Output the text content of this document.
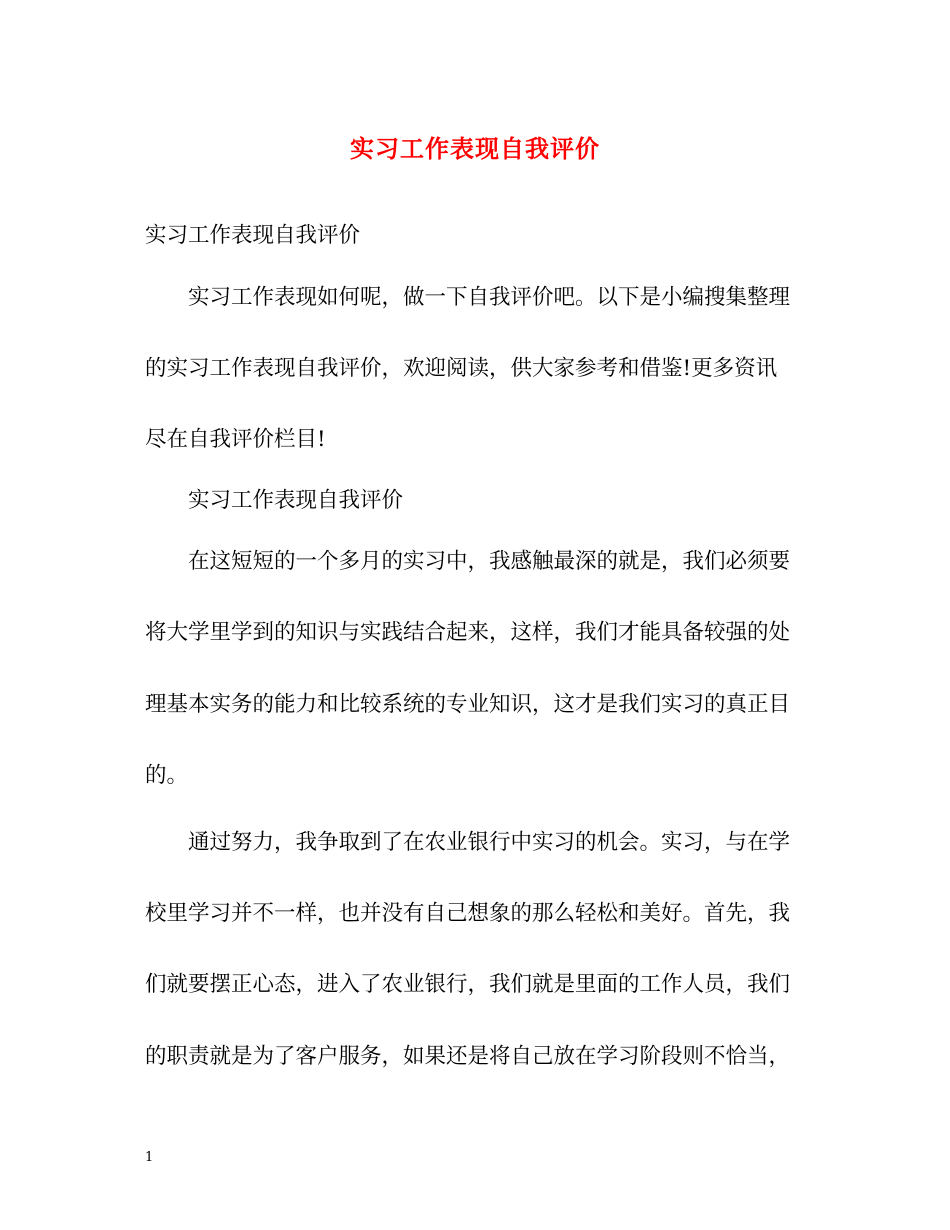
实习工作表现自我评价

实习工作表现自我评价

实习工作表现如何呢，做一下自我评价吧。以下是小编搜集整理

的实习工作表现自我评价，欢迎阅读，供大家参考和借鉴!更多资讯

尽在自我评价栏目!

实习工作表现自我评价

在这短短的一个多月的实习中，我感触最深的就是，我们必须要

将大学里学到的知识与实践结合起来，这样，我们才能具备较强的处

理基本实务的能力和比较系统的专业知识，这才是我们实习的真正目

的。

通过努力，我争取到了在农业银行中实习的机会。实习，与在学

校里学习并不一样，也并没有自己想象的那么轻松和美好。首先，我

们就要摆正心态，进入了农业银行，我们就是里面的工作人员，我们

的职责就是为了客户服务，如果还是将自己放在学习阶段则不恰当，

1
